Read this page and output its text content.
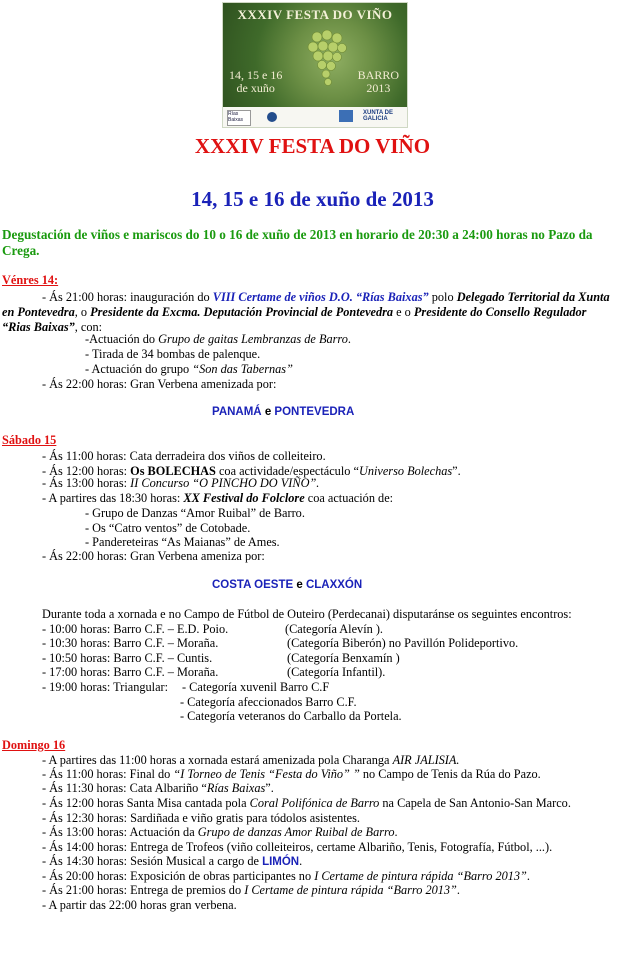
XXXIV FESTA DO VIÑO
14, 15 e 16
de xuño
BARRO
2013
Rías Baixas
XUNTA DE GALICIA
XXXIV FESTA DO VIÑO
14, 15 e 16 de xuño de 2013
Degustación de viños e mariscos do 10 o 16 de xuño de 2013 en horario de 20:30 a 24:00 horas no Pazo da Crega.
Vénres 14:
- Ás 21:00 horas: inauguración do VIII Certame de viños D.O. “Rías Baixas” polo Delegado Territorial da Xunta
en Pontevedra, o Presidente da Excma. Deputación Provincial de Pontevedra e o Presidente do Consello Regulador
“Rias Baixas”, con:
-Actuación do Grupo de gaitas Lembranzas de Barro.
- Tirada de 34 bombas de palenque.
- Actuación do grupo “Son das Tabernas”
- Ás 22:00 horas: Gran Verbena amenizada por:
PANAMÁ e PONTEVEDRA
Sábado 15
- Ás 11:00 horas: Cata derradeira dos viños de colleiteiro.
- Ás 12:00 horas: Os BOLECHAS coa actividade/espectáculo “Universo Bolechas”.
- Ás 13:00 horas: II Concurso “O PINCHO DO VIÑO”.
- A partires das 18:30 horas: XX Festival do Folclore coa actuación de:
- Grupo de Danzas “Amor Ruibal” de Barro.
- Os “Catro ventos” de Cotobade.
- Pandereteiras “As Maianas” de Ames.
- Ás 22:00 horas: Gran Verbena ameniza por:
COSTA OESTE e CLAXXÓN
Durante toda a xornada e no Campo de Fútbol de Outeiro (Perdecanai) disputaránse os seguintes encontros:
- 10:00 horas: Barro C.F. – E.D. Poio.	(Categoría Alevín ).
- 10:30 horas: Barro C.F. – Moraña.	(Categoría Biberón) no Pavillón Polideportivo.
- 10:50 horas: Barro C.F. – Cuntis.	(Categoría Benxamín )
- 17:00 horas: Barro C.F. – Moraña.	(Categoría Infantil).
- 19:00 horas: Triangular: - Categoría xuvenil Barro C.F
- Categoría afeccionados Barro C.F.
- Categoría veteranos do Carballo da Portela.
Domingo 16
- A partires das 11:00 horas a xornada estará amenizada pola Charanga AIR JALISIA.
- Ás 11:00 horas: Final do “I Torneo de Tenis “Festa do Viño” ” no Campo de Tenis da Rúa do Pazo.
- Ás 11:30 horas: Cata Albariño “Rías Baixas”.
- Ás 12:00 horas Santa Misa cantada pola Coral Polifónica de Barro na Capela de San Antonio-San Marco.
- Ás 12:30 horas: Sardiñada e viño gratis para tódolos asistentes.
- Ás 13:00 horas: Actuación da Grupo de danzas Amor Ruibal de Barro.
- Ás 14:00 horas: Entrega de Trofeos (viño colleiteiros, certame Albariño, Tenis, Fotografía, Fútbol, ...).
- Ás 14:30 horas: Sesión Musical a cargo de LIMÓN.
- Ás 20:00 horas: Exposición de obras participantes no I Certame de pintura rápida “Barro 2013”.
- Ás 21:00 horas: Entrega de premios do I Certame de pintura rápida “Barro 2013”.
- A partir das 22:00 horas gran verbena.
